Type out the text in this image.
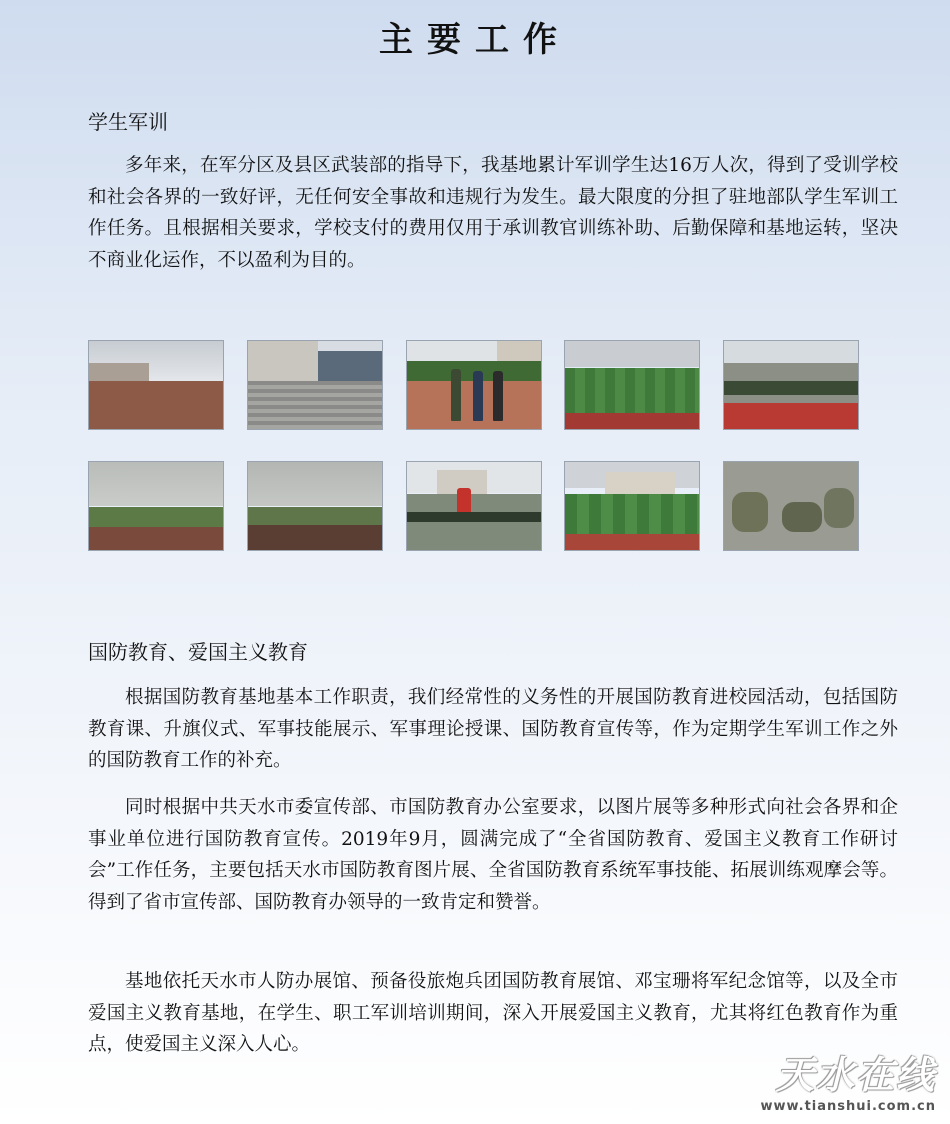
主要工作
学生军训

多年来，在军分区及县区武装部的指导下，我基地累计军训学生达16万人次，得到了受训学校和社会各界的一致好评，无任何安全事故和违规行为发生。最大限度的分担了驻地部队学生军训工作任务。且根据相关要求，学校支付的费用仅用于承训教官训练补助、后勤保障和基地运转，坚决不商业化运作，不以盈利为目的。

国防教育、爱国主义教育

根据国防教育基地基本工作职责，我们经常性的义务性的开展国防教育进校园活动，包括国防教育课、升旗仪式、军事技能展示、军事理论授课、国防教育宣传等，作为定期学生军训工作之外的国防教育工作的补充。

同时根据中共天水市委宣传部、市国防教育办公室要求，以图片展等多种形式向社会各界和企事业单位进行国防教育宣传。2019年9月，圆满完成了“全省国防教育、爱国主义教育工作研讨会”工作任务，主要包括天水市国防教育图片展、全省国防教育系统军事技能、拓展训练观摩会等。得到了省市宣传部、国防教育办领导的一致肯定和赞誉。

基地依托天水市人防办展馆、预备役旅炮兵团国防教育展馆、邓宝珊将军纪念馆等，以及全市爱国主义教育基地，在学生、职工军训培训期间，深入开展爱国主义教育，尤其将红色教育作为重点，使爱国主义深入人心。

天水在线
www.tianshui.com.cn
